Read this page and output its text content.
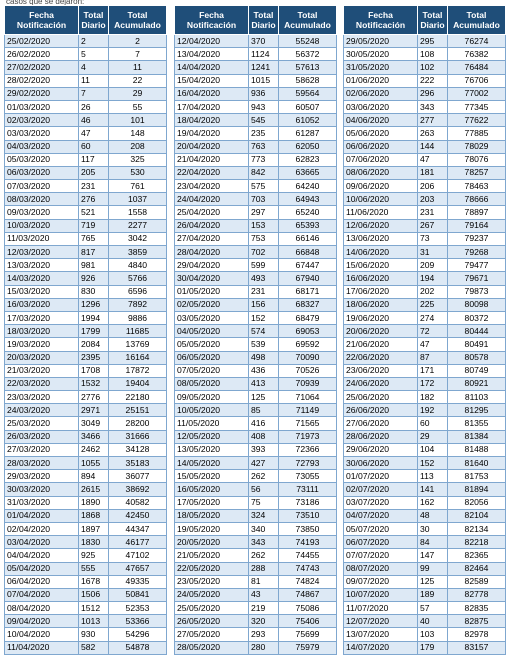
casos que se dejaron:
Fecha Notificación	Total Diario	Total Acumulado
25/02/2020	2	2
26/02/2020	5	7
27/02/2020	4	11
28/02/2020	11	22
29/02/2020	7	29
01/03/2020	26	55
02/03/2020	46	101
03/03/2020	47	148
04/03/2020	60	208
05/03/2020	117	325
06/03/2020	205	530
07/03/2020	231	761
08/03/2020	276	1037
09/03/2020	521	1558
10/03/2020	719	2277
11/03/2020	765	3042
12/03/2020	817	3859
13/03/2020	981	4840
14/03/2020	926	5766
15/03/2020	830	6596
16/03/2020	1296	7892
17/03/2020	1994	9886
18/03/2020	1799	11685
19/03/2020	2084	13769
20/03/2020	2395	16164
21/03/2020	1708	17872
22/03/2020	1532	19404
23/03/2020	2776	22180
24/03/2020	2971	25151
25/03/2020	3049	28200
26/03/2020	3466	31666
27/03/2020	2462	34128
28/03/2020	1055	35183
29/03/2020	894	36077
30/03/2020	2615	38692
31/03/2020	1890	40582
01/04/2020	1868	42450
02/04/2020	1897	44347
03/04/2020	1830	46177
04/04/2020	925	47102
05/04/2020	555	47657
06/04/2020	1678	49335
07/04/2020	1506	50841
08/04/2020	1512	52353
09/04/2020	1013	53366
10/04/2020	930	54296
11/04/2020	582	54878
Fecha Notificación	Total Diario	Total Acumulado
12/04/2020	370	55248
13/04/2020	1124	56372
14/04/2020	1241	57613
15/04/2020	1015	58628
16/04/2020	936	59564
17/04/2020	943	60507
18/04/2020	545	61052
19/04/2020	235	61287
20/04/2020	763	62050
21/04/2020	773	62823
22/04/2020	842	63665
23/04/2020	575	64240
24/04/2020	703	64943
25/04/2020	297	65240
26/04/2020	153	65393
27/04/2020	753	66146
28/04/2020	702	66848
29/04/2020	599	67447
30/04/2020	493	67940
01/05/2020	231	68171
02/05/2020	156	68327
03/05/2020	152	68479
04/05/2020	574	69053
05/05/2020	539	69592
06/05/2020	498	70090
07/05/2020	436	70526
08/05/2020	413	70939
09/05/2020	125	71064
10/05/2020	85	71149
11/05/2020	416	71565
12/05/2020	408	71973
13/05/2020	393	72366
14/05/2020	427	72793
15/05/2020	262	73055
16/05/2020	56	73111
17/05/2020	75	73186
18/05/2020	324	73510
19/05/2020	340	73850
20/05/2020	343	74193
21/05/2020	262	74455
22/05/2020	288	74743
23/05/2020	81	74824
24/05/2020	43	74867
25/05/2020	219	75086
26/05/2020	320	75406
27/05/2020	293	75699
28/05/2020	280	75979
Fecha Notificación	Total Diario	Total Acumulado
29/05/2020	295	76274
30/05/2020	108	76382
31/05/2020	102	76484
01/06/2020	222	76706
02/06/2020	296	77002
03/06/2020	343	77345
04/06/2020	277	77622
05/06/2020	263	77885
06/06/2020	144	78029
07/06/2020	47	78076
08/06/2020	181	78257
09/06/2020	206	78463
10/06/2020	203	78666
11/06/2020	231	78897
12/06/2020	267	79164
13/06/2020	73	79237
14/06/2020	31	79268
15/06/2020	209	79477
16/06/2020	194	79671
17/06/2020	202	79873
18/06/2020	225	80098
19/06/2020	274	80372
20/06/2020	72	80444
21/06/2020	47	80491
22/06/2020	87	80578
23/06/2020	171	80749
24/06/2020	172	80921
25/06/2020	182	81103
26/06/2020	192	81295
27/06/2020	60	81355
28/06/2020	29	81384
29/06/2020	104	81488
30/06/2020	152	81640
01/07/2020	113	81753
02/07/2020	141	81894
03/07/2020	162	82056
04/07/2020	48	82104
05/07/2020	30	82134
06/07/2020	84	82218
07/07/2020	147	82365
08/07/2020	99	82464
09/07/2020	125	82589
10/07/2020	189	82778
11/07/2020	57	82835
12/07/2020	40	82875
13/07/2020	103	82978
14/07/2020	179	83157
